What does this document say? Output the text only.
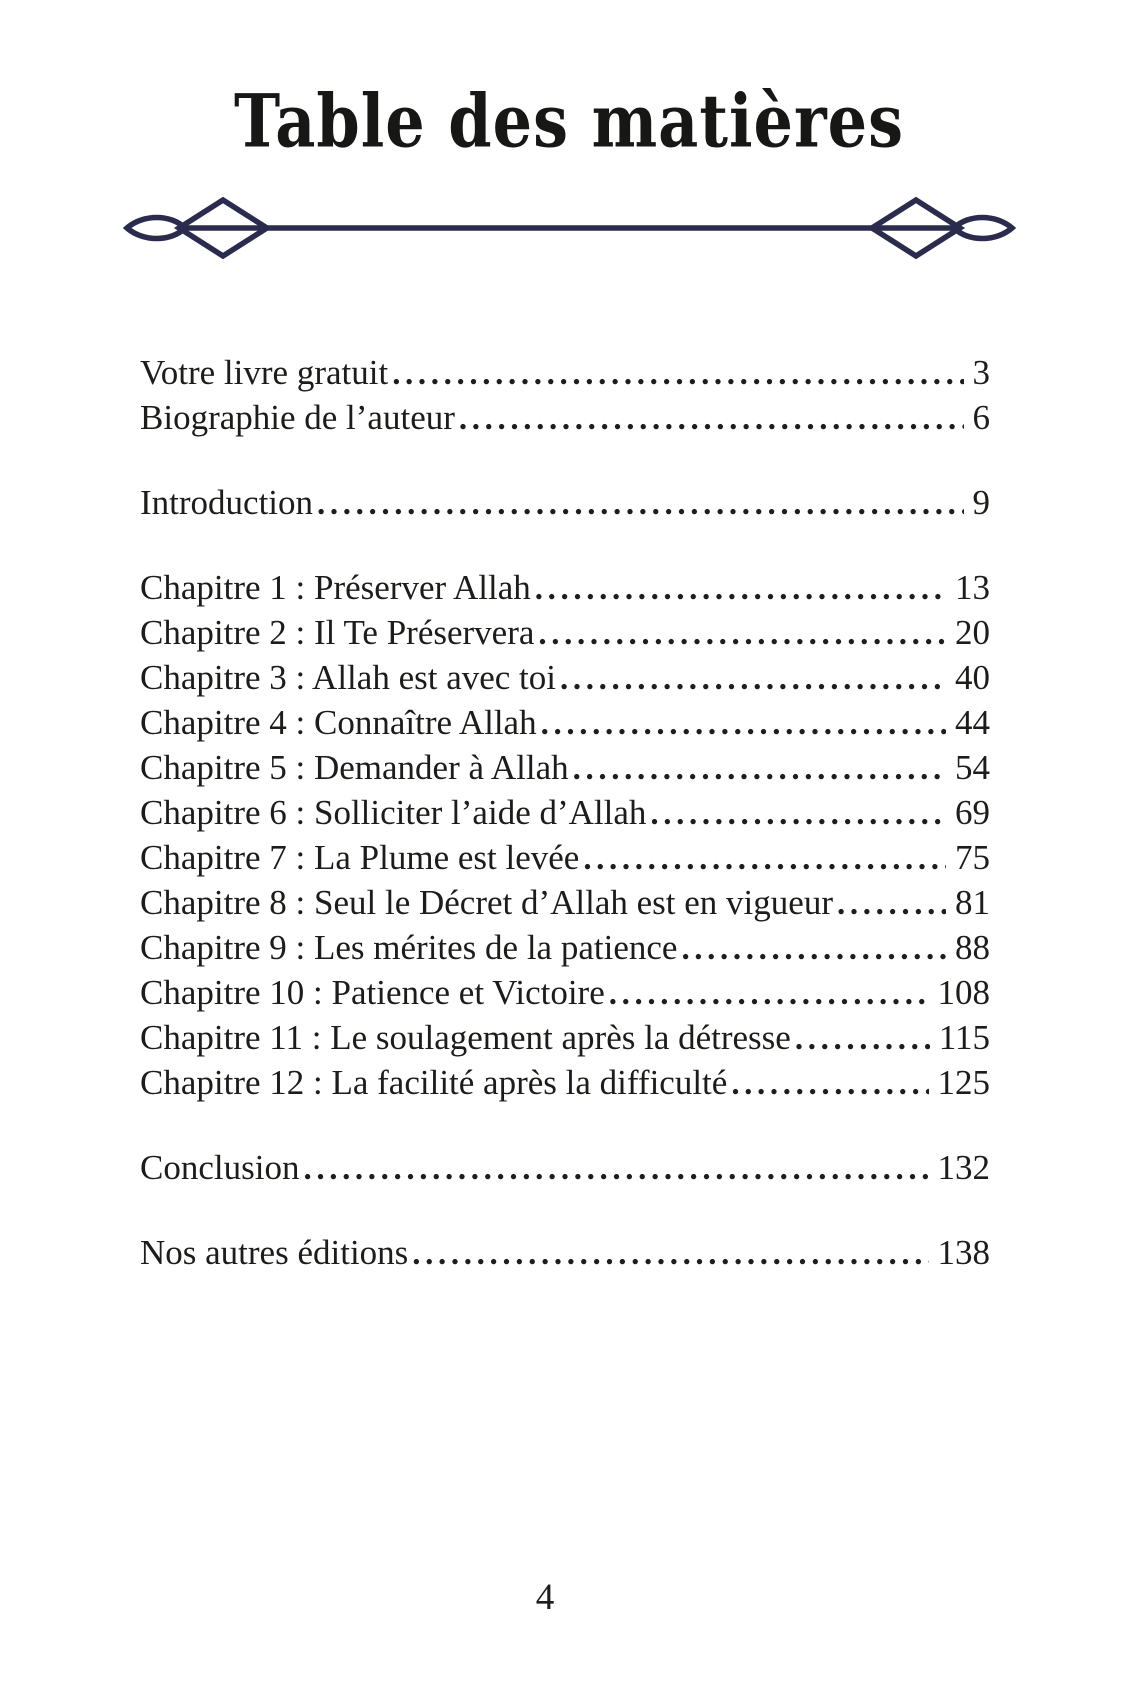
Table des matières
Votre livre gratuit .....	3
Biographie de l’auteur .....	6
Introduction .....	9
Chapitre 1 : Préserver Allah .....	13
Chapitre 2 : Il Te Préservera .....	20
Chapitre 3 : Allah est avec toi .....	40
Chapitre 4 : Connaître Allah .....	44
Chapitre 5 : Demander à Allah .....	54
Chapitre 6 : Solliciter l’aide d’Allah .....	69
Chapitre 7 : La Plume est levée .....	75
Chapitre 8 : Seul le Décret d’Allah est en vigueur .....	81
Chapitre 9 : Les mérites de la patience .....	88
Chapitre 10 : Patience et Victoire .....	108
Chapitre 11 : Le soulagement après la détresse .....	115
Chapitre 12 : La facilité après la difficulté .....	125
Conclusion .....	132
Nos autres éditions .....	138
4
